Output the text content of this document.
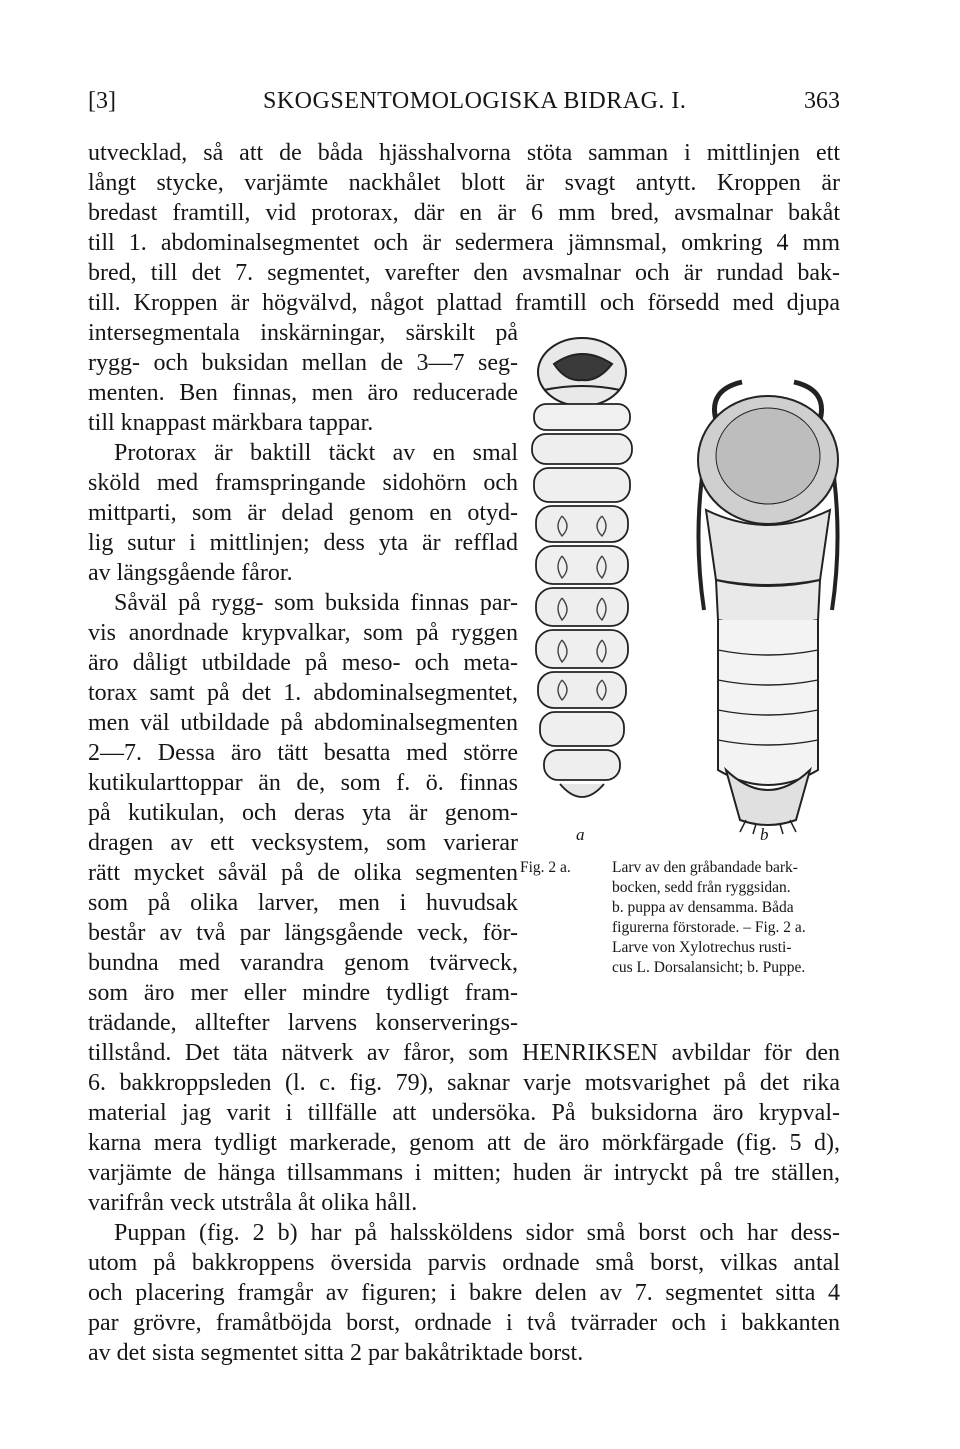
[3]	SKOGSENTOMOLOGISKA BIDRAG. I.	363
utvecklad, så att de båda hjässhalvorna stöta samman i mittlinjen ett
långt stycke, varjämte nackhålet blott är svagt antytt. Kroppen är
bredast framtill, vid protorax, där en är 6 mm bred, avsmalnar bakåt
till 1. abdominalsegmentet och är sedermera jämnsmal, omkring 4 mm
bred, till det 7. segmentet, varefter den avsmalnar och är rundad bak-
till. Kroppen är högvälvd, något plattad framtill och försedd med djupa
intersegmentala inskärningar, särskilt på
rygg- och buksidan mellan de 3—7 seg-
menten. Ben finnas, men äro reducerade
till knappast märkbara tappar.
Protorax är baktill täckt av en smal
sköld med framspringande sidohörn och
mittparti, som är delad genom en otyd-
lig sutur i mittlinjen; dess yta är refflad
av längsgående fåror.
Såväl på rygg- som buksida finnas par-
vis anordnade krypvalkar, som på ryggen
äro dåligt utbildade på meso- och meta-
torax samt på det 1. abdominalsegmentet,
men väl utbildade på abdominalsegmenten
2—7. Dessa äro tätt besatta med större
kutikularttoppar än de, som f. ö. finnas
på kutikulan, och deras yta är genom-
dragen av ett vecksystem, som varierar
rätt mycket såväl på de olika segmenten
som på olika larver, men i huvudsak
består av två par längsgående veck, för-
bundna med varandra genom tvärveck,
som äro mer eller mindre tydligt fram-
trädande, alltefter larvens konserverings-
tillstånd. Det täta nätverk av fåror, som HENRIKSEN avbildar för den
6. bakkroppsleden (l. c. fig. 79), saknar varje motsvarighet på det rika
material jag varit i tillfälle att undersöka. På buksidorna äro krypval-
karna mera tydligt markerade, genom att de äro mörkfärgade (fig. 5 d),
varjämte de hänga tillsammans i mitten; huden är intryckt på tre ställen,
varifrån veck utstråla åt olika håll.
Puppan (fig. 2 b) har på halssköldens sidor små borst och har dess-
utom på bakkroppens översida parvis ordnade små borst, vilkas antal
och placering framgår av figuren; i bakre delen av 7. segmentet sitta 4
par grövre, framåtböjda borst, ordnade i två tvärrader och i bakkanten
av det sista segmentet sitta 2 par bakåtriktade borst.
a	b
Fig. 2 a.	Larv av den gråbandade bark-
bocken, sedd från ryggsidan.
b. puppa av densamma. Båda
figurerna förstorade. – Fig. 2 a.
Larve von Xylotrechus rusti-
cus L. Dorsalansicht; b. Puppe.
